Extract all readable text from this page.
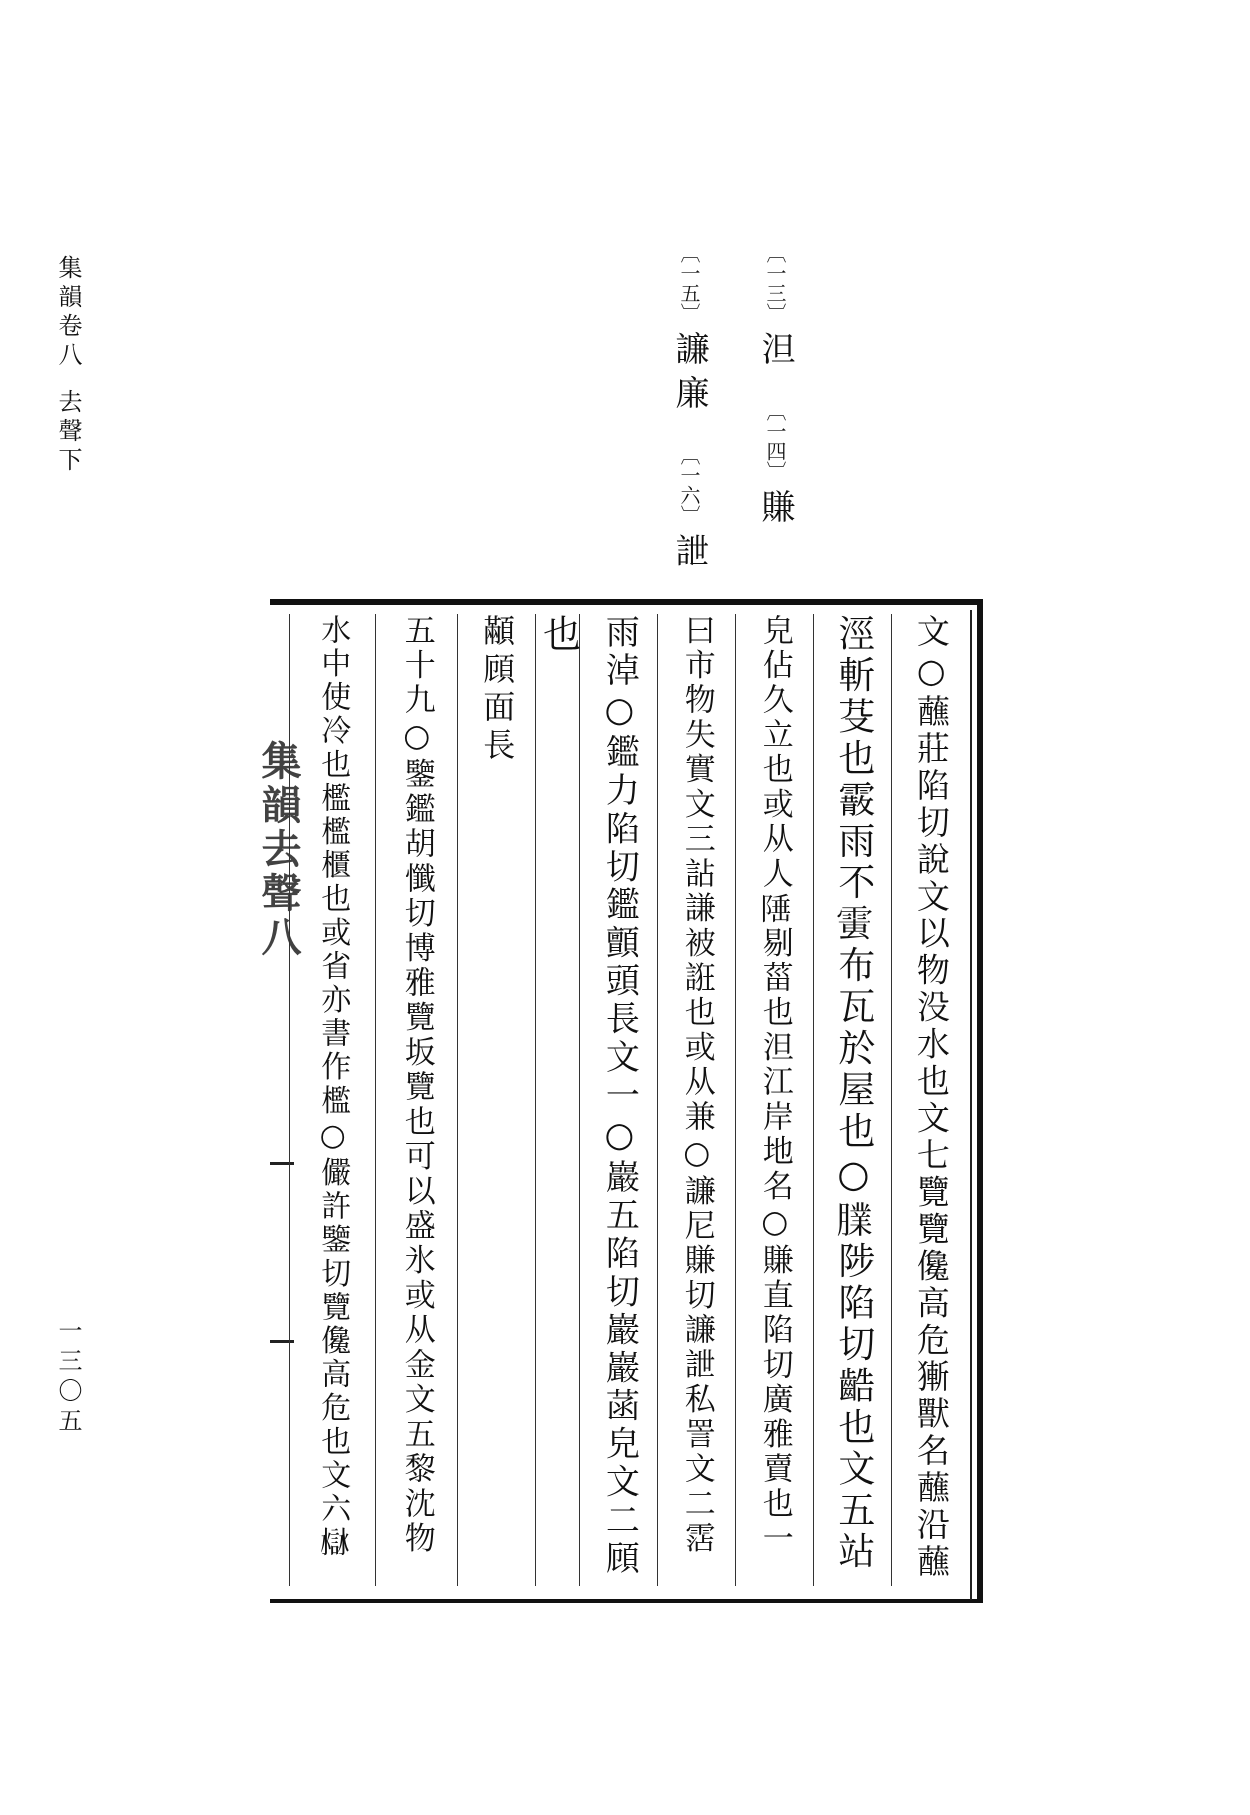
集韻卷八
去聲下
一三〇五
〔一三〕
泹
〔一四〕
賺
〔一五〕
譧廉
〔一六〕
詍
集韻去聲八	文○蘸莊陷切說文以物没水也文七覽覽儳高危獑獸名蘸沿蘸
涇斬芟也霰雨不𩃘布瓦於屋也○𦡧陟陷切䶜也文五站
皃佔久立也或从人𨺪剔菑也泹江岸地名○賺直陷切廣雅賣也一
曰市物失實文三詀謙被誑也或从兼○譧尼賺切譧詍私詈文二霑
雨淖○鑑力陷切鑑顫頭長文一○巖五陷切巖巖菡皃文二頋
也
顢頋面長
五十九○鑒鑑胡懺切博雅覽坂覽也可以盛氷或从金文五黎沈物
水中使冷也檻檻櫃也或省亦書作檻○儼許鑒切覽儳高危也文六𧩁
